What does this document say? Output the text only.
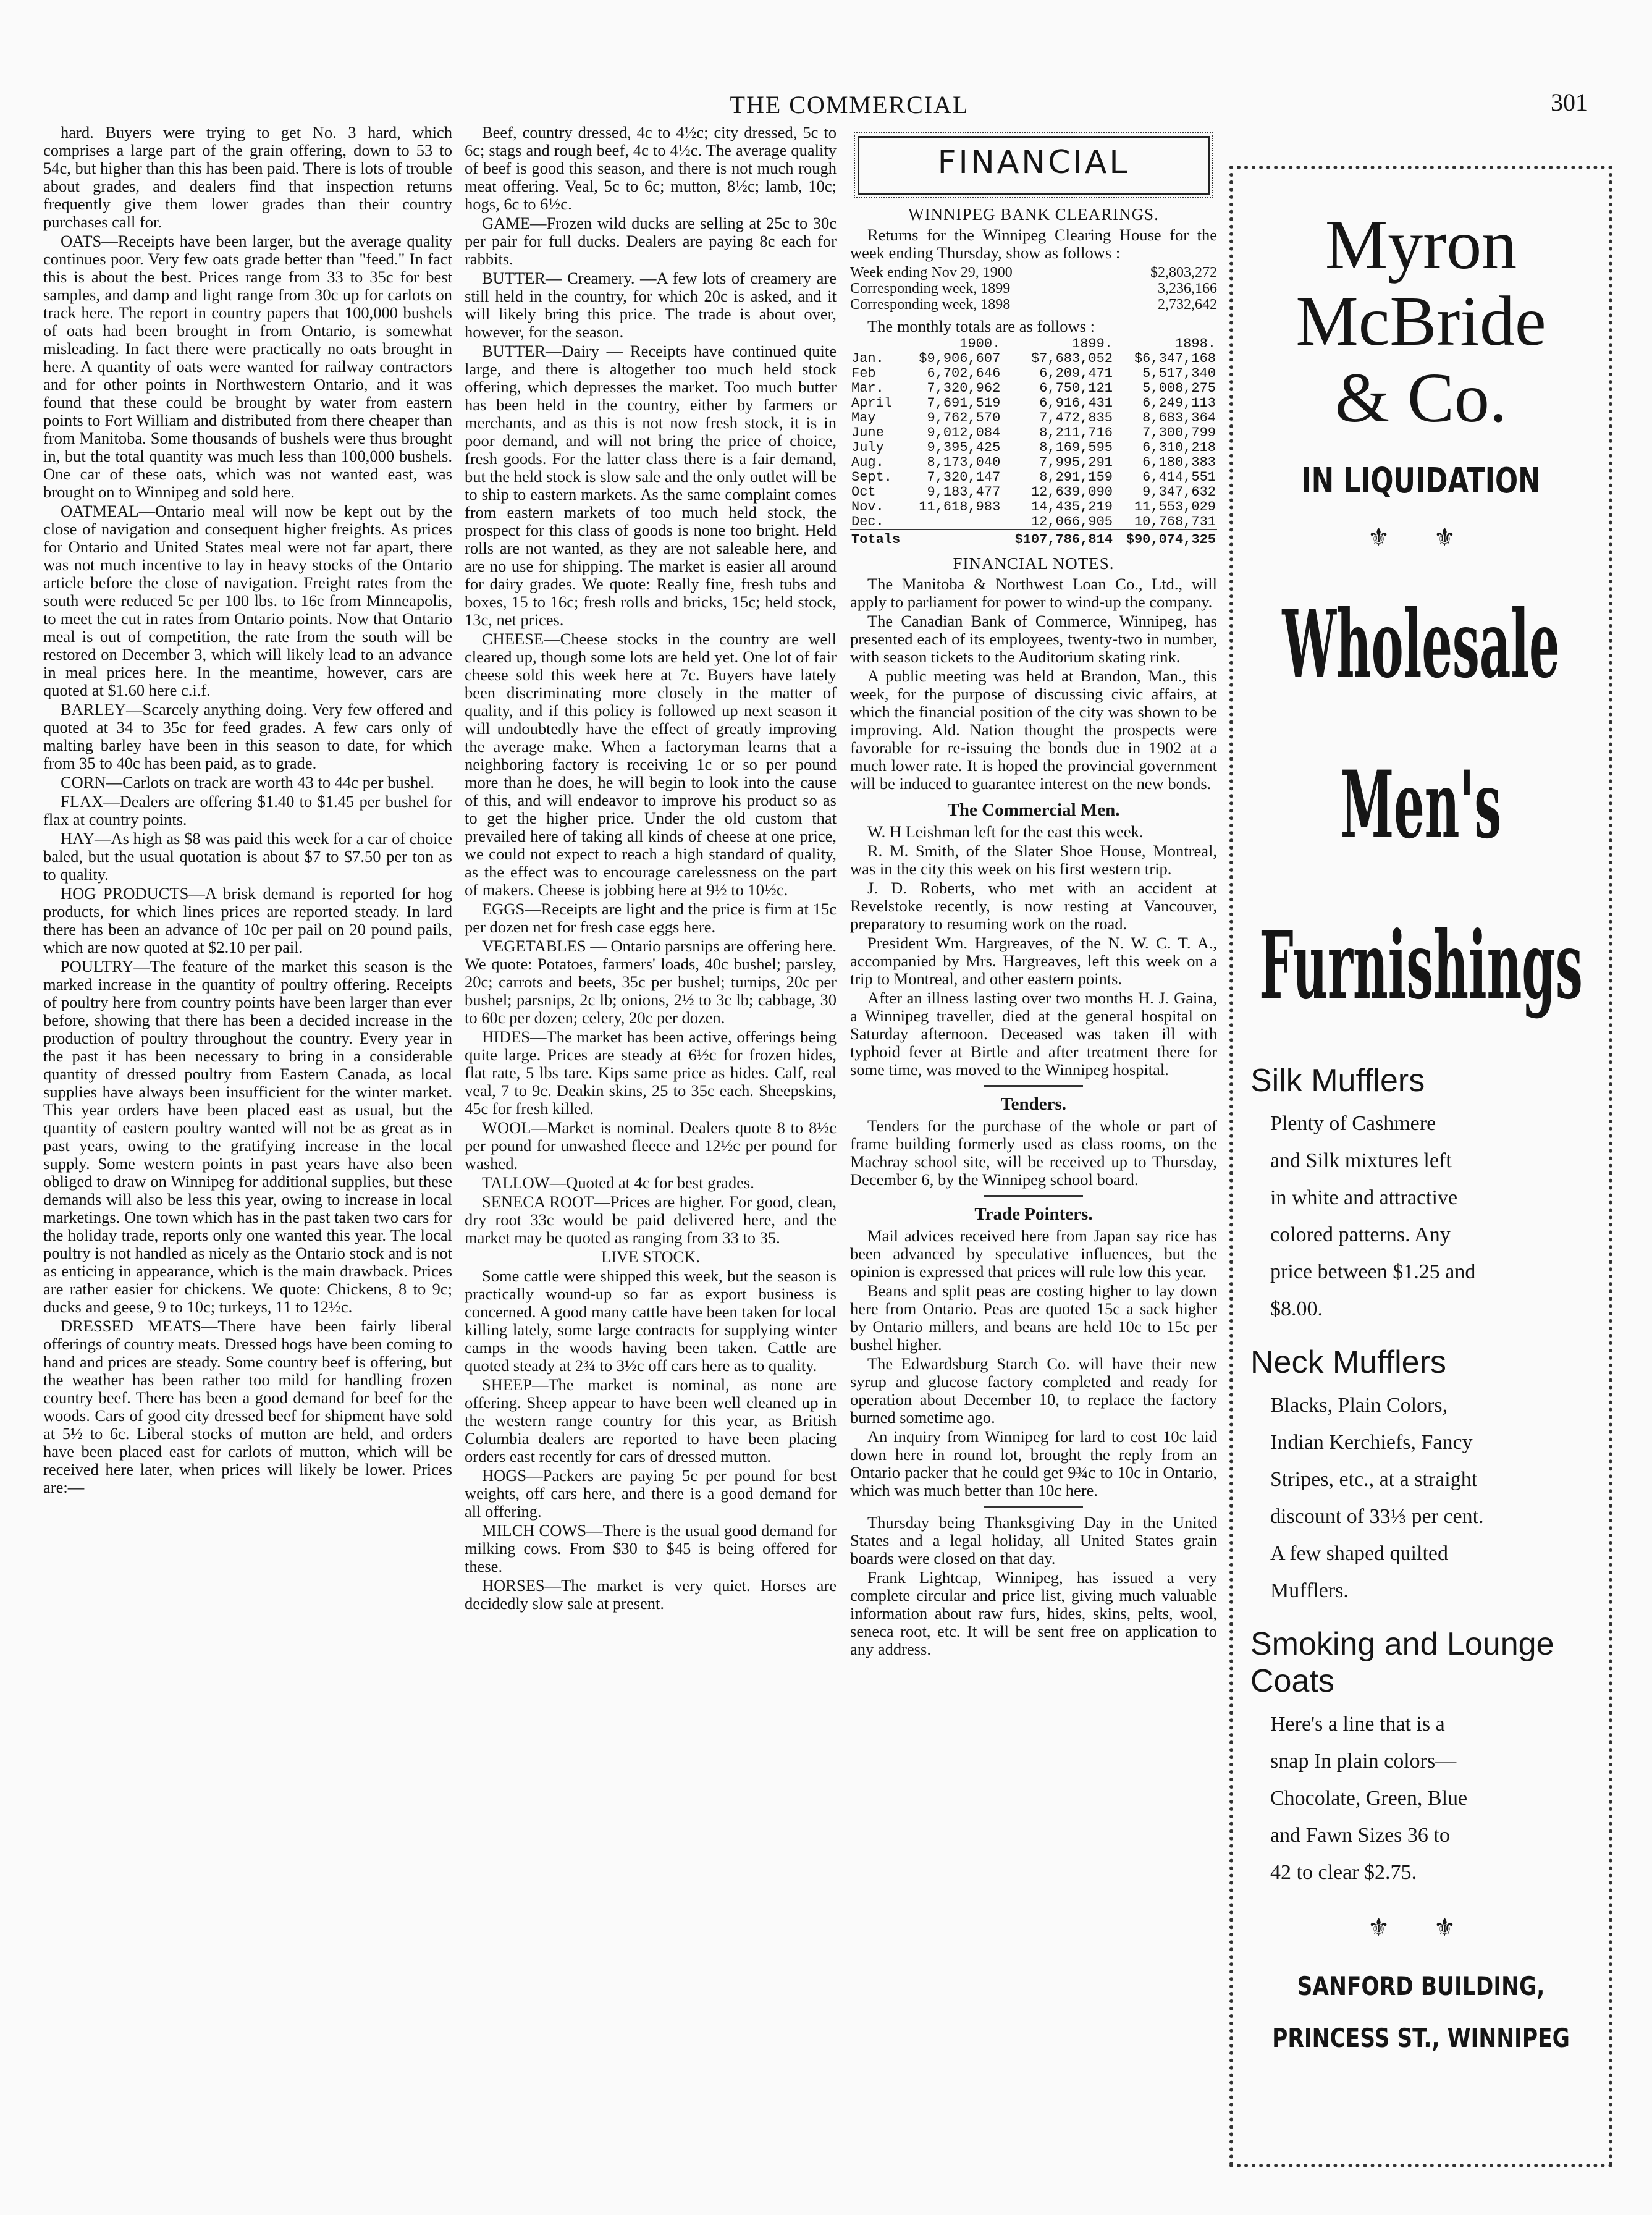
THE COMMERCIAL	301

hard. Buyers were trying to get No. 3 hard, which comprises a large part of the grain offering, down to 53 to 54c, but higher than this has been paid. There is lots of trouble about grades, and dealers find that inspection returns frequently give them lower grades than their country purchases call for.

OATS—Receipts have been larger, but the average quality continues poor. Very few oats grade better than "feed." In fact this is about the best. Prices range from 33 to 35c for best samples, and damp and light range from 30c up for carlots on track here. The report in country papers that 100,000 bushels of oats had been brought in from Ontario, is somewhat misleading. In fact there were practically no oats brought in here. A quantity of oats were wanted for railway contractors and for other points in Northwestern Ontario, and it was found that these could be brought by water from eastern points to Fort William and distributed from there cheaper than from Manitoba. Some thousands of bushels were thus brought in, but the total quantity was much less than 100,000 bushels. One car of these oats, which was not wanted east, was brought on to Winnipeg and sold here.

OATMEAL—Ontario meal will now be kept out by the close of navigation and consequent higher freights. As prices for Ontario and United States meal were not far apart, there was not much incentive to lay in heavy stocks of the Ontario article before the close of navigation. Freight rates from the south were reduced 5c per 100 lbs. to 16c from Minneapolis, to meet the cut in rates from Ontario points. Now that Ontario meal is out of competition, the rate from the south will be restored on December 3, which will likely lead to an advance in meal prices here. In the meantime, however, cars are quoted at $1.60 here c.i.f.

BARLEY—Scarcely anything doing. Very few offered and quoted at 34 to 35c for feed grades. A few cars only of malting barley have been in this season to date, for which from 35 to 40c has been paid, as to grade.

CORN—Carlots on track are worth 43 to 44c per bushel.

FLAX—Dealers are offering $1.40 to $1.45 per bushel for flax at country points.

HAY—As high as $8 was paid this week for a car of choice baled, but the usual quotation is about $7 to $7.50 per ton as to quality.

HOG PRODUCTS—A brisk demand is reported for hog products, for which lines prices are reported steady. In lard there has been an advance of 10c per pail on 20 pound pails, which are now quoted at $2.10 per pail.

POULTRY—The feature of the market this season is the marked increase in the quantity of poultry offering. Receipts of poultry here from country points have been larger than ever before, showing that there has been a decided increase in the production of poultry throughout the country. Every year in the past it has been necessary to bring in a considerable quantity of dressed poultry from Eastern Canada, as local supplies have always been insufficient for the winter market. This year orders have been placed east as usual, but the quantity of eastern poultry wanted will not be as great as in past years, owing to the gratifying increase in the local supply. Some western points in past years have also been obliged to draw on Winnipeg for additional supplies, but these demands will also be less this year, owing to increase in local marketings. One town which has in the past taken two cars for the holiday trade, reports only one wanted this year. The local poultry is not handled as nicely as the Ontario stock and is not as enticing in appearance, which is the main drawback. Prices are rather easier for chickens. We quote: Chickens, 8 to 9c; ducks and geese, 9 to 10c; turkeys, 11 to 12½c.

DRESSED MEATS—There have been fairly liberal offerings of country meats. Dressed hogs have been coming to hand and prices are steady. Some country beef is offering, but the weather has been rather too mild for handling frozen country beef. There has been a good demand for beef for the woods. Cars of good city dressed beef for shipment have sold at 5½ to 6c. Liberal stocks of mutton are held, and orders have been placed east for carlots of mutton, which will be received here later, when prices will likely be lower. Prices are:—

Beef, country dressed, 4c to 4½c; city dressed, 5c to 6c; stags and rough beef, 4c to 4½c. The average quality of beef is good this season, and there is not much rough meat offering. Veal, 5c to 6c; mutton, 8½c; lamb, 10c; hogs, 6c to 6½c.

GAME—Frozen wild ducks are selling at 25c to 30c per pair for full ducks. Dealers are paying 8c each for rabbits.

BUTTER— Creamery. —A few lots of creamery are still held in the country, for which 20c is asked, and it will likely bring this price. The trade is about over, however, for the season.

BUTTER—Dairy — Receipts have continued quite large, and there is altogether too much held stock offering, which depresses the market. Too much butter has been held in the country, either by farmers or merchants, and as this is not now fresh stock, it is in poor demand, and will not bring the price of choice, fresh goods. For the latter class there is a fair demand, but the held stock is slow sale and the only outlet will be to ship to eastern markets. As the same complaint comes from eastern markets of too much held stock, the prospect for this class of goods is none too bright. Held rolls are not wanted, as they are not saleable here, and are no use for shipping. The market is easier all around for dairy grades. We quote: Really fine, fresh tubs and boxes, 15 to 16c; fresh rolls and bricks, 15c; held stock, 13c, net prices.

CHEESE—Cheese stocks in the country are well cleared up, though some lots are held yet. One lot of fair cheese sold this week here at 7c. Buyers have lately been discriminating more closely in the matter of quality, and if this policy is followed up next season it will undoubtedly have the effect of greatly improving the average make. When a factoryman learns that a neighboring factory is receiving 1c or so per pound more than he does, he will begin to look into the cause of this, and will endeavor to improve his product so as to get the higher price. Under the old custom that prevailed here of taking all kinds of cheese at one price, we could not expect to reach a high standard of quality, as the effect was to encourage carelessness on the part of makers. Cheese is jobbing here at 9½ to 10½c.

EGGS—Receipts are light and the price is firm at 15c per dozen net for fresh case eggs here.

VEGETABLES — Ontario parsnips are offering here. We quote: Potatoes, farmers' loads, 40c bushel; parsley, 20c; carrots and beets, 35c per bushel; turnips, 20c per bushel; parsnips, 2c lb; onions, 2½ to 3c lb; cabbage, 30 to 60c per dozen; celery, 20c per dozen.

HIDES—The market has been active, offerings being quite large. Prices are steady at 6½c for frozen hides, flat rate, 5 lbs tare. Kips same price as hides. Calf, real veal, 7 to 9c. Deakin skins, 25 to 35c each. Sheepskins, 45c for fresh killed.

WOOL—Market is nominal. Dealers quote 8 to 8½c per pound for unwashed fleece and 12½c per pound for washed.

TALLOW—Quoted at 4c for best grades.

SENECA ROOT—Prices are higher. For good, clean, dry root 33c would be paid delivered here, and the market may be quoted as ranging from 33 to 35.

LIVE STOCK.

Some cattle were shipped this week, but the season is practically wound-up so far as export business is concerned. A good many cattle have been taken for local killing lately, some large contracts for supplying winter camps in the woods having been taken. Cattle are quoted steady at 2¾ to 3½c off cars here as to quality.

SHEEP—The market is nominal, as none are offering. Sheep appear to have been well cleaned up in the western range country for this year, as British Columbia dealers are reported to have been placing orders east recently for cars of dressed mutton.

HOGS—Packers are paying 5c per pound for best weights, off cars here, and there is a good demand for all offering.

MILCH COWS—There is the usual good demand for milking cows. From $30 to $45 is being offered for these.

HORSES—The market is very quiet. Horses are decidedly slow sale at present.

FINANCIAL
WINNIPEG BANK CLEARINGS.

Returns for the Winnipeg Clearing House for the week ending Thursday, show as follows :

Week ending Nov 29, 1900	$2,803,272
Corresponding week, 1899	3,236,166
Corresponding week, 1898	2,732,642

The monthly totals are as follows :

	1900.	1899.	1898.
Jan.	$9,906,607	$7,683,052	$6,347,168
Feb	6,702,646	6,209,471	5,517,340
Mar.	7,320,962	6,750,121	5,008,275
April	7,691,519	6,916,431	6,249,113
May	9,762,570	7,472,835	8,683,364
June	9,012,084	8,211,716	7,300,799
July	9,395,425	8,169,595	6,310,218
Aug.	8,173,040	7,995,291	6,180,383
Sept.	7,320,147	8,291,159	6,414,551
Oct	9,183,477	12,639,090	9,347,632
Nov.	11,618,983	14,435,219	11,553,029
Dec.		12,066,905	10,768,731
Totals		$107,786,814	$90,074,325
FINANCIAL NOTES.

The Manitoba & Northwest Loan Co., Ltd., will apply to parliament for power to wind-up the company.

The Canadian Bank of Commerce, Winnipeg, has presented each of its employees, twenty-two in number, with season tickets to the Auditorium skating rink.

A public meeting was held at Brandon, Man., this week, for the purpose of discussing civic affairs, at which the financial position of the city was shown to be improving. Ald. Nation thought the prospects were favorable for re-issuing the bonds due in 1902 at a much lower rate. It is hoped the provincial government will be induced to guarantee interest on the new bonds.

The Commercial Men.

W. H Leishman left for the east this week.

R. M. Smith, of the Slater Shoe House, Montreal, was in the city this week on his first western trip.

J. D. Roberts, who met with an accident at Revelstoke recently, is now resting at Vancouver, preparatory to resuming work on the road.

President Wm. Hargreaves, of the N. W. C. T. A., accompanied by Mrs. Hargreaves, left this week on a trip to Montreal, and other eastern points.

After an illness lasting over two months H. J. Gaina, a Winnipeg traveller, died at the general hospital on Saturday afternoon. Deceased was taken ill with typhoid fever at Birtle and after treatment there for some time, was moved to the Winnipeg hospital.

Tenders.

Tenders for the purchase of the whole or part of frame building formerly used as class rooms, on the Machray school site, will be received up to Thursday, December 6, by the Winnipeg school board.

Trade Pointers.

Mail advices received here from Japan say rice has been advanced by speculative influences, but the opinion is expressed that prices will rule low this year.

Beans and split peas are costing higher to lay down here from Ontario. Peas are quoted 15c a sack higher by Ontario millers, and beans are held 10c to 15c per bushel higher.

The Edwardsburg Starch Co. will have their new syrup and glucose factory completed and ready for operation about December 10, to replace the factory burned sometime ago.

An inquiry from Winnipeg for lard to cost 10c laid down here in round lot, brought the reply from an Ontario packer that he could get 9¾c to 10c in Ontario, which was much better than 10c here.

Thursday being Thanksgiving Day in the United States and a legal holiday, all United States grain boards were closed on that day.

Frank Lightcap, Winnipeg, has issued a very complete circular and price list, giving much valuable information about raw furs, hides, skins, pelts, wool, seneca root, etc. It will be sent free on application to any address.

Myron
McBride
& Co.
IN LIQUIDATION
⚜ ⚜
Wholesale
Men's
Furnishings
Silk Mufflers
Plenty of Cashmere
and Silk mixtures left
in white and attractive
colored patterns. Any
price between $1.25 and
$8.00.
Neck Mufflers
Blacks, Plain Colors,
Indian Kerchiefs, Fancy
Stripes, etc., at a straight
discount of 33⅓ per cent.
A few shaped quilted
Mufflers.
Smoking and Lounge Coats
Here's a line that is a
snap In plain colors—
Chocolate, Green, Blue
and Fawn Sizes 36 to
42 to clear $2.75.
⚜ ⚜
SANFORD BUILDING,
PRINCESS ST., WINNIPEG
